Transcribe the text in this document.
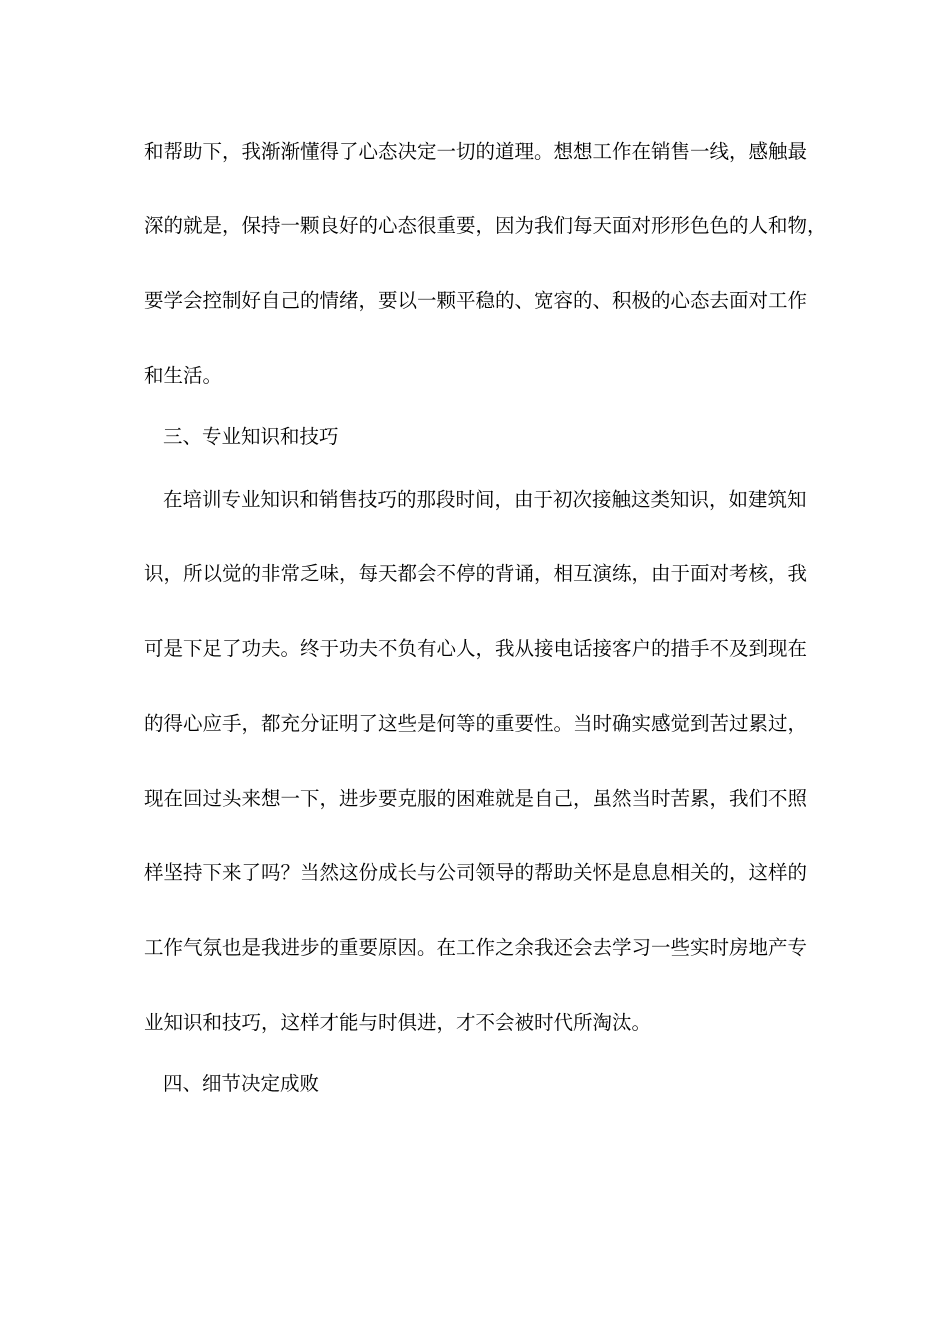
和帮助下，我渐渐懂得了心态决定一切的道理。想想工作在销售一线，感触最
深的就是，保持一颗良好的心态很重要，因为我们每天面对形形色色的人和物，
要学会控制好自己的情绪，要以一颗平稳的、宽容的、积极的心态去面对工作
和生活。
三、专业知识和技巧
在培训专业知识和销售技巧的那段时间，由于初次接触这类知识，如建筑知
识，所以觉的非常乏味，每天都会不停的背诵，相互演练，由于面对考核，我
可是下足了功夫。终于功夫不负有心人，我从接电话接客户的措手不及到现在
的得心应手，都充分证明了这些是何等的重要性。当时确实感觉到苦过累过，
现在回过头来想一下，进步要克服的困难就是自己，虽然当时苦累，我们不照
样坚持下来了吗？当然这份成长与公司领导的帮助关怀是息息相关的，这样的
工作气氛也是我进步的重要原因。在工作之余我还会去学习一些实时房地产专
业知识和技巧，这样才能与时俱进，才不会被时代所淘汰。
四、细节决定成败
